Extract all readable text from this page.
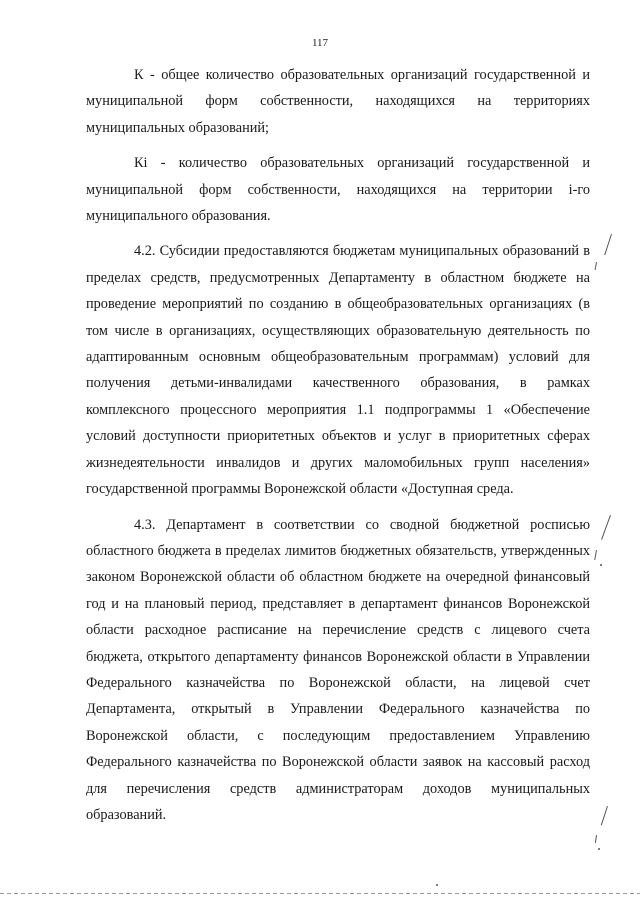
117

К - общее количество образовательных организаций государственной и муниципальной форм собственности, находящихся на территориях муниципальных образований;

Кi - количество образовательных организаций государственной и муниципальной форм собственности, находящихся на территории i-го муниципального образования.

4.2. Субсидии предоставляются бюджетам муниципальных образований в пределах средств, предусмотренных Департаменту в областном бюджете на проведение мероприятий по созданию в общеобразовательных организациях (в том числе в организациях, осуществляющих образовательную деятельность по адаптированным основным общеобразовательным программам) условий для получения детьми-инвалидами качественного образования, в рамках комплексного процессного мероприятия 1.1 подпрограммы 1 «Обеспечение условий доступности приоритетных объектов и услуг в приоритетных сферах жизнедеятельности инвалидов и других маломобильных групп населения» государственной программы Воронежской области «Доступная среда.

4.3. Департамент в соответствии со сводной бюджетной росписью областного бюджета в пределах лимитов бюджетных обязательств, утвержденных законом Воронежской области об областном бюджете на очередной финансовый год и на плановый период, представляет в департамент финансов Воронежской области расходное расписание на перечисление средств с лицевого счета бюджета, открытого департаменту финансов Воронежской области в Управлении Федерального казначейства по Воронежской области, на лицевой счет Департамента, открытый в Управлении Федерального казначейства по Воронежской области, с последующим предоставлением Управлению Федерального казначейства по Воронежской области заявок на кассовый расход для перечисления средств администраторам доходов муниципальных образований.
